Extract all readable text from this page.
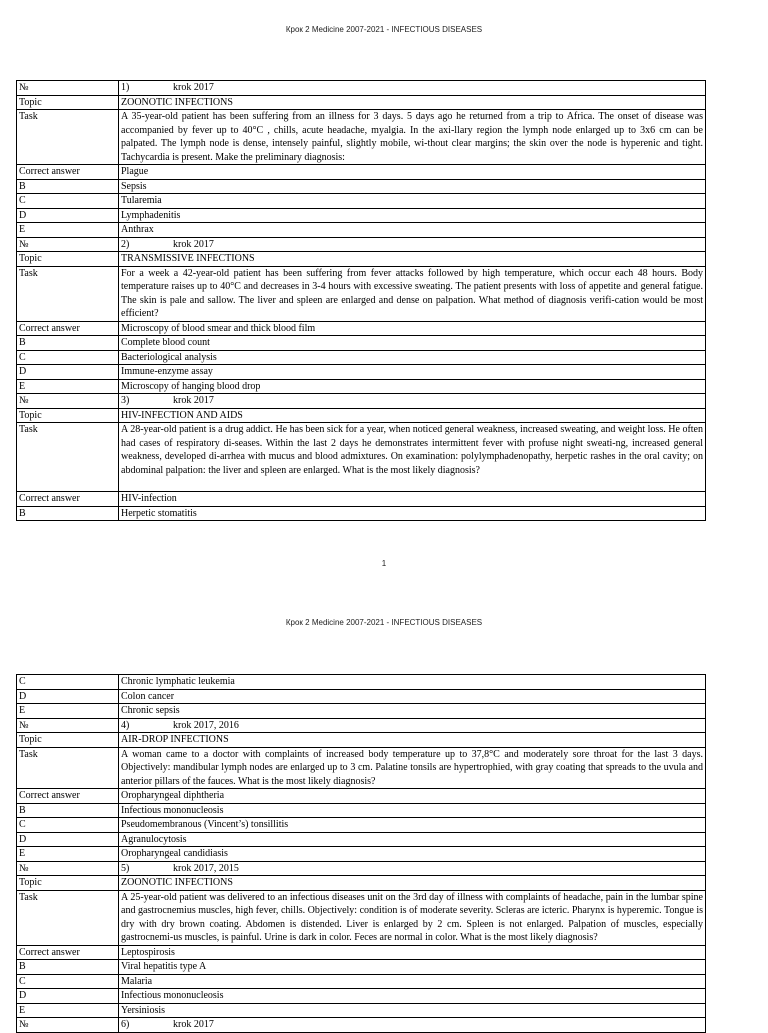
Крок 2 Medicine 2007-2021 - INFECTIOUS DISEASES
№	1) krok 2017
Topic	ZOONOTIC INFECTIONS
Task	A 35-year-old patient has been suffering from an illness for 3 days. 5 days ago he returned from a trip to Africa. The onset of disease was accompanied by fever up to 40°C , chills, acute headache, myalgia. In the axi-llary region the lymph node enlarged up to 3x6 cm can be palpated. The lymph node is dense, intensely painful, slightly mobile, wi-thout clear margins; the skin over the node is hyperenic and tight. Tachycardia is present. Make the preliminary diagnosis:
Correct answer	Plague
B	Sepsis
C	Tularemia
D	Lymphadenitis
E	Anthrax
№	2) krok 2017
Topic	TRANSMISSIVE INFECTIONS
Task	For a week a 42-year-old patient has been suffering from fever attacks followed by high temperature, which occur each 48 hours. Body temperature raises up to 40°C and decreases in 3-4 hours with excessive sweating. The patient presents with loss of appetite and general fatigue. The skin is pale and sallow. The liver and spleen are enlarged and dense on palpation. What method of diagnosis verifi-cation would be most efficient?
Correct answer	Microscopy of blood smear and thick blood film
B	Complete blood count
C	Bacteriological analysis
D	Immune-enzyme assay
E	Microscopy of hanging blood drop
№	3) krok 2017
Topic	HIV-INFECTION AND AIDS
Task	A 28-year-old patient is a drug addict. He has been sick for a year, when noticed general weakness, increased sweating, and weight loss. He often had cases of respiratory di-seases. Within the last 2 days he demonstrates intermittent fever with profuse night sweati-ng, increased general weakness, developed di-arrhea with mucus and blood admixtures. On examination: polylymphadenopathy, herpetic rashes in the oral cavity; on abdominal palpation: the liver and spleen are enlarged. What is the most likely diagnosis?
Correct answer	HIV-infection
B	Herpetic stomatitis
1
Крок 2 Medicine 2007-2021 - INFECTIOUS DISEASES
C	Chronic lymphatic leukemia
D	Colon cancer
E	Chronic sepsis
№	4) krok 2017, 2016
Topic	AIR-DROP INFECTIONS
Task	A woman came to a doctor with complaints of increased body temperature up to 37,8°C and moderately sore throat for the last 3 days. Objectively: mandibular lymph nodes are enlarged up to 3 cm. Palatine tonsils are hypertrophied, with gray coating that spreads to the uvula and anterior pillars of the fauces. What is the most likely diagnosis?
Correct answer	Oropharyngeal diphtheria
B	Infectious mononucleosis
C	Pseudomembranous (Vincent’s) tonsillitis
D	Agranulocytosis
E	Oropharyngeal candidiasis
№	5) krok 2017, 2015
Topic	ZOONOTIC INFECTIONS
Task	A 25-year-old patient was delivered to an infectious diseases unit on the 3rd day of illness with complaints of headache, pain in the lumbar spine and gastrocnemius muscles, high fever, chills. Objectively: condition is of moderate severity. Scleras are icteric. Pharynx is hyperemic. Tongue is dry with dry brown coating. Abdomen is distended. Liver is enlarged by 2 cm. Spleen is not enlarged. Palpation of muscles, especially gastrocnemi-us muscles, is painful. Urine is dark in color. Feces are normal in color. What is the most likely diagnosis?
Correct answer	Leptospirosis
B	Viral hepatitis type A
C	Malaria
D	Infectious mononucleosis
E	Yersiniosis
№	6) krok 2017
